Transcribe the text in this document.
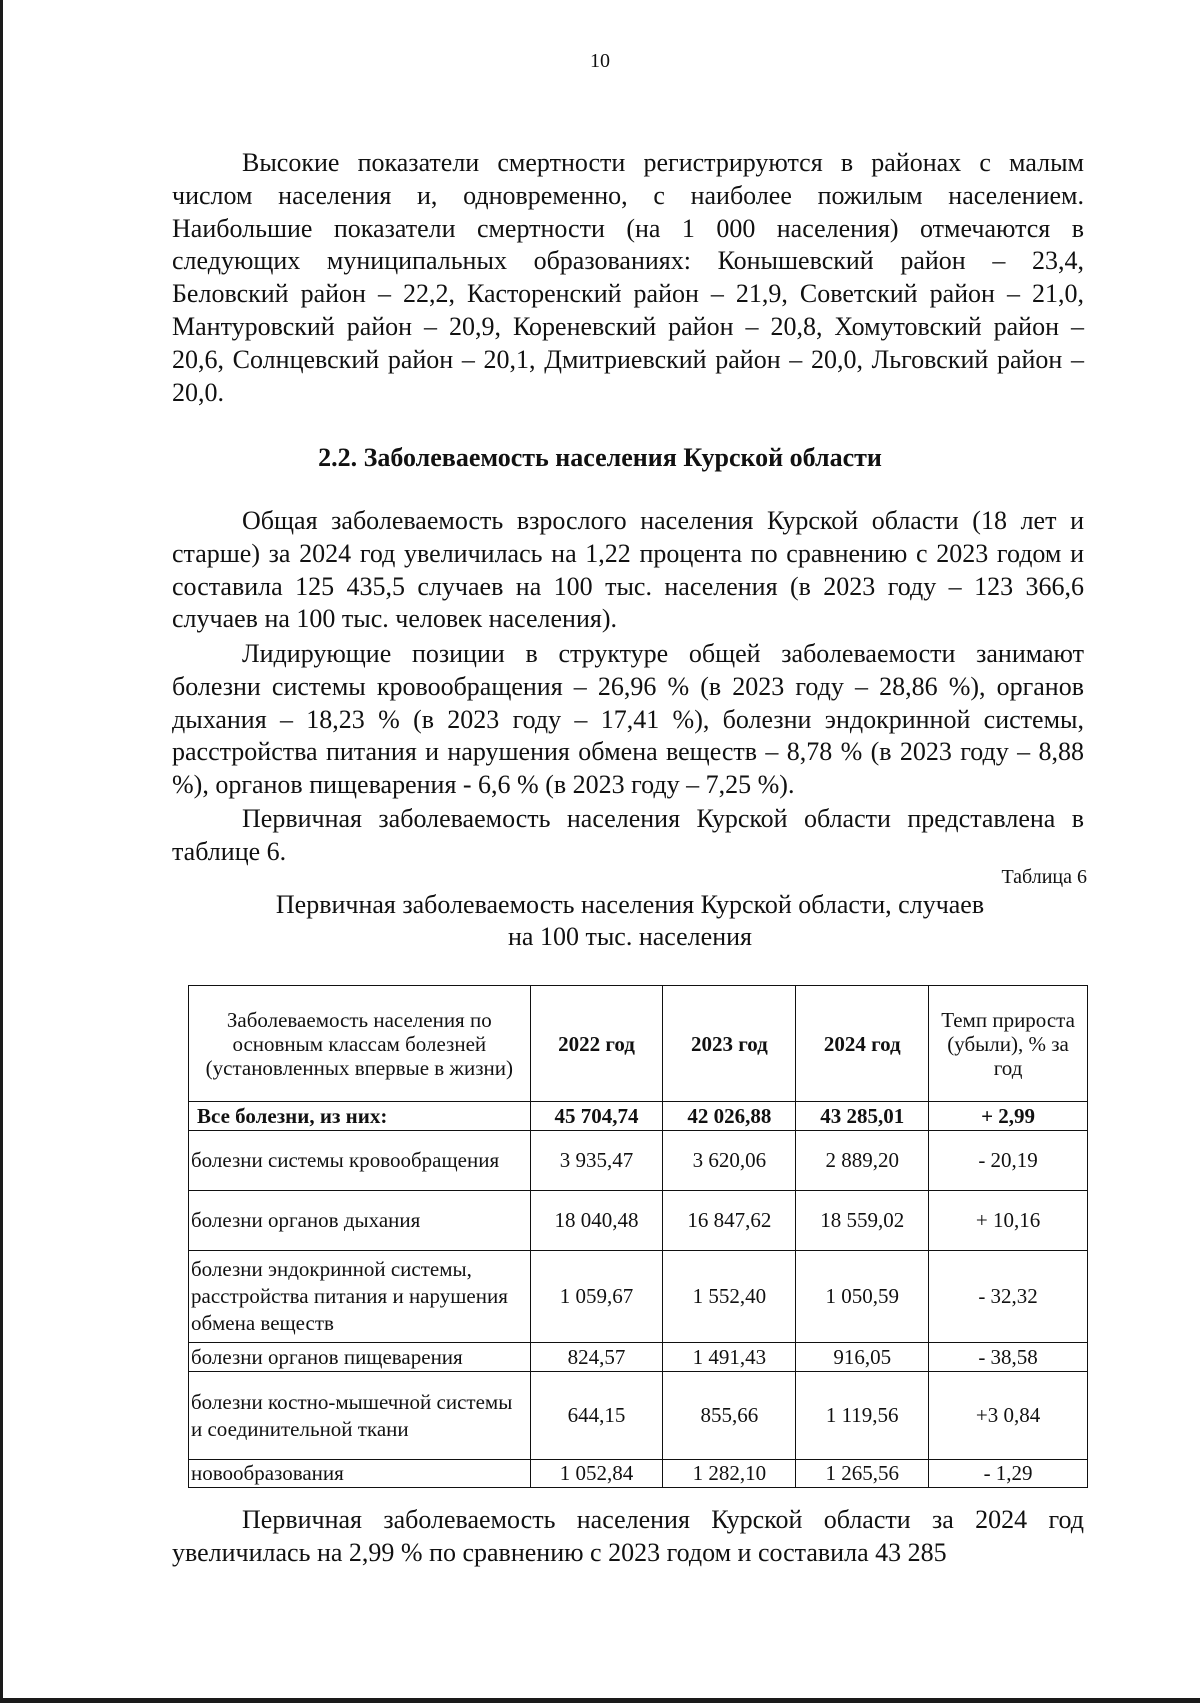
10

Высокие показатели смертности регистрируются в районах с малым числом населения и, одновременно, с наиболее пожилым населением. Наибольшие показатели смертности (на 1 000 населения) отмечаются в следующих муниципальных образованиях: Конышевский район – 23,4, Беловский район – 22,2, Касторенский район – 21,9, Советский район – 21,0, Мантуровский район – 20,9, Кореневский район – 20,8, Хомутовский район – 20,6, Солнцевский район – 20,1, Дмитриевский район – 20,0, Льговский район – 20,0.

2.2. Заболеваемость населения Курской области

Общая заболеваемость взрослого населения Курской области (18 лет и старше) за 2024 год увеличилась на 1,22 процента по сравнению с 2023 годом и составила 125 435,5 случаев на 100 тыс. населения (в 2023 году – 123 366,6 случаев на 100 тыс. человек населения).

Лидирующие позиции в структуре общей заболеваемости занимают болезни системы кровообращения – 26,96 % (в 2023 году – 28,86 %), органов дыхания – 18,23 % (в 2023 году – 17,41 %), болезни эндокринной системы, расстройства питания и нарушения обмена веществ – 8,78 % (в 2023 году – 8,88 %), органов пищеварения - 6,6 % (в 2023 году – 7,25 %).

Первичная заболеваемость населения Курской области представлена в таблице 6.

Таблица 6
Первичная заболеваемость населения Курской области, случаев
на 100 тыс. населения
Заболеваемость населения по основным классам болезней (установленных впервые в жизни)	2022 год	2023 год	2024 год	Темп прироста (убыли), % за год
Все болезни, из них:	45 704,74	42 026,88	43 285,01	+ 2,99
болезни системы кровообращения	3 935,47	3 620,06	2 889,20	- 20,19
болезни органов дыхания	18 040,48	16 847,62	18 559,02	+ 10,16
болезни эндокринной системы, расстройства питания и нарушения обмена веществ	1 059,67	1 552,40	1 050,59	- 32,32
болезни органов пищеварения	824,57	1 491,43	916,05	- 38,58
болезни костно-мышечной системы и соединительной ткани	644,15	855,66	1 119,56	+3 0,84
новообразования	1 052,84	1 282,10	1 265,56	- 1,29

Первичная заболеваемость населения Курской области за 2024 год увеличилась на 2,99 % по сравнению с 2023 годом и составила 43 285
